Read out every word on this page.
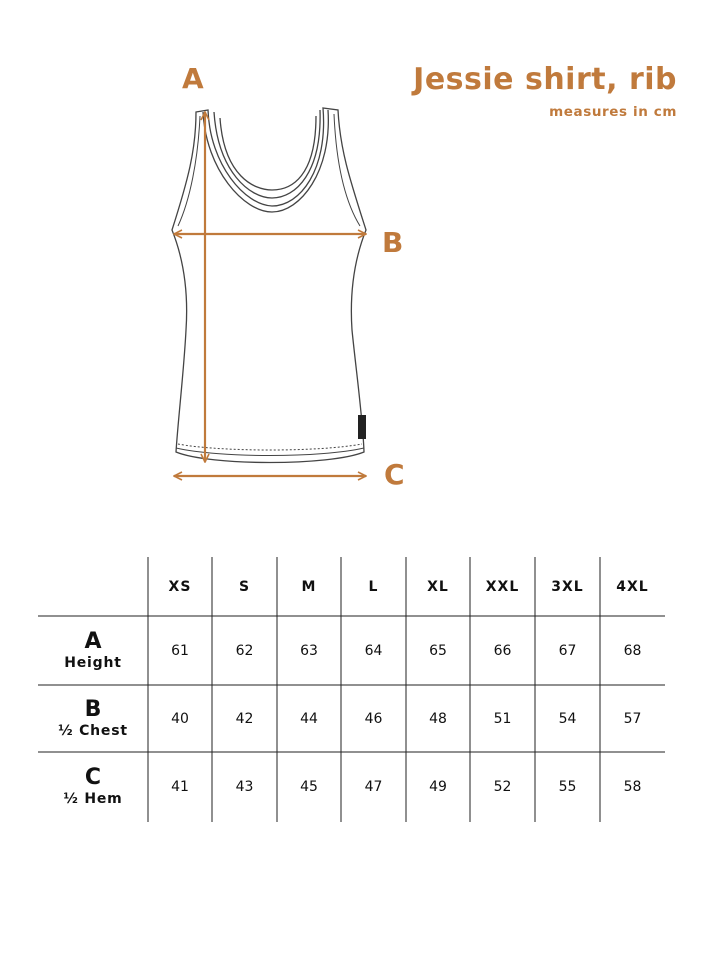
Jessie shirt, rib
measures in cm
A
B
C
XS	S	M	L	XL	XXL	3XL	4XL
A
Height
61	62	63	64	65	66	67	68
B
½ Chest
40	42	44	46	48	51	54	57
C
½ Hem
41	43	45	47	49	52	55	58
